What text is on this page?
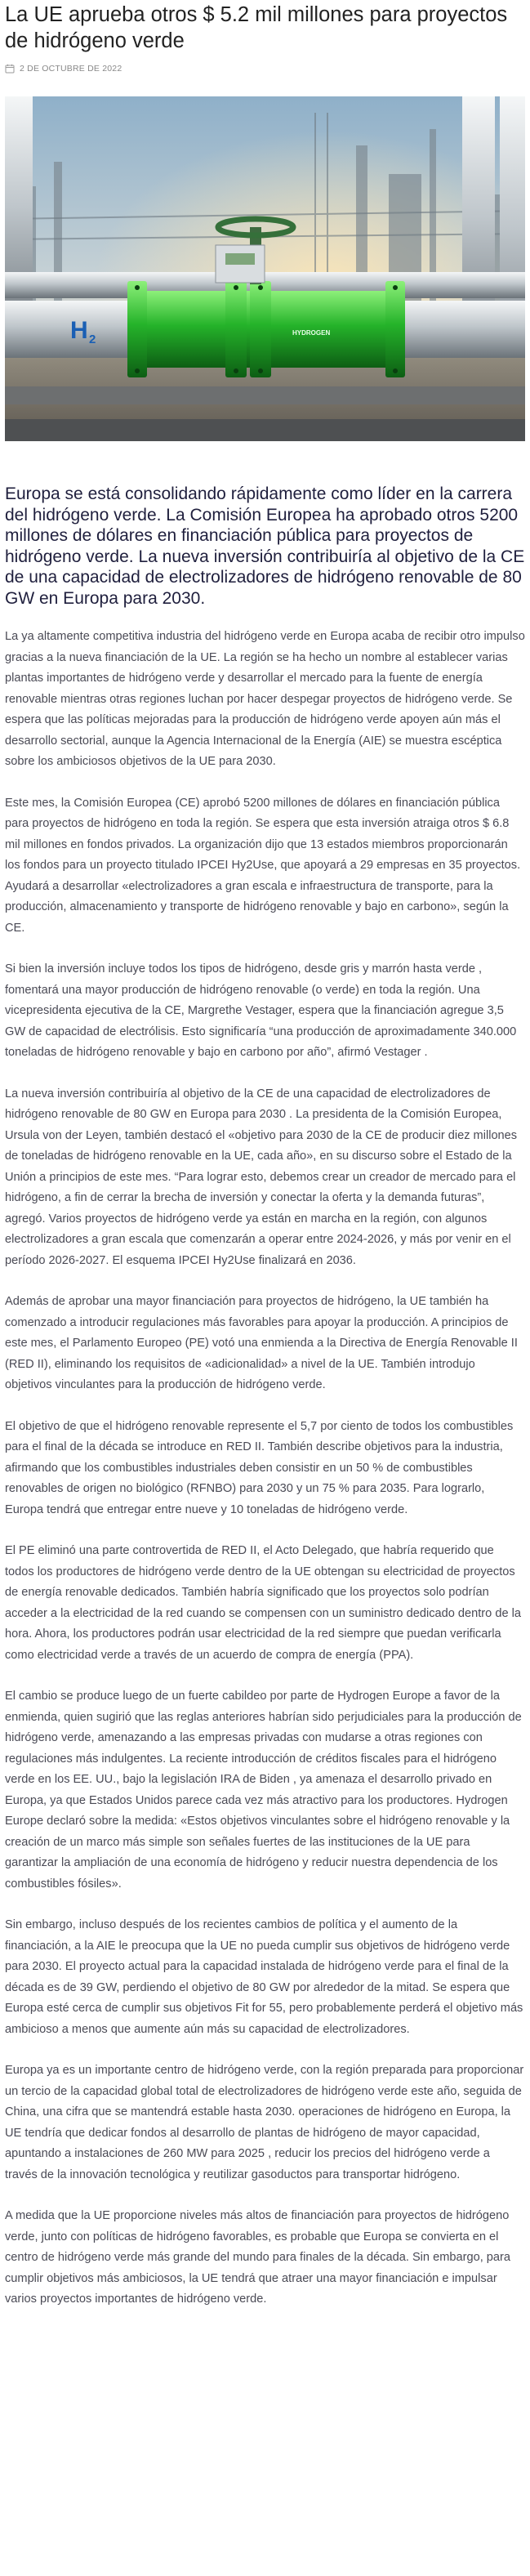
La UE aprueba otros $ 5.2 mil millones para proyectos de hidrógeno verde
2 DE OCTUBRE DE 2022
H 2	HYDROGEN

Europa se está consolidando rápidamente como líder en la carrera del hidrógeno verde. La Comisión Europea ha aprobado otros 5200 millones de dólares en financiación pública para proyectos de hidrógeno verde. La nueva inversión contribuiría al objetivo de la CE de una capacidad de electrolizadores de hidrógeno renovable de 80 GW en Europa para 2030.

La ya altamente competitiva industria del hidrógeno verde en Europa acaba de recibir otro impulso gracias a la nueva financiación de la UE. La región se ha hecho un nombre al establecer varias plantas importantes de hidrógeno verde y desarrollar el mercado para la fuente de energía renovable mientras otras regiones luchan por hacer despegar proyectos de hidrógeno verde. Se espera que las políticas mejoradas para la producción de hidrógeno verde apoyen aún más el desarrollo sectorial, aunque la Agencia Internacional de la Energía (AIE) se muestra escéptica sobre los ambiciosos objetivos de la UE para 2030.

Este mes, la Comisión Europea (CE) aprobó 5200 millones de dólares en financiación pública para proyectos de hidrógeno en toda la región. Se espera que esta inversión atraiga otros $ 6.8 mil millones en fondos privados. La organización dijo que 13 estados miembros proporcionarán los fondos para un proyecto titulado IPCEI Hy2Use, que apoyará a 29 empresas en 35 proyectos. Ayudará a desarrollar «electrolizadores a gran escala e infraestructura de transporte, para la producción, almacenamiento y transporte de hidrógeno renovable y bajo en carbono», según la CE.

Si bien la inversión incluye todos los tipos de hidrógeno, desde gris y marrón hasta verde , fomentará una mayor producción de hidrógeno renovable (o verde) en toda la región. Una vicepresidenta ejecutiva de la CE, Margrethe Vestager, espera que la financiación agregue 3,5 GW de capacidad de electrólisis. Esto significaría “una producción de aproximadamente 340.000 toneladas de hidrógeno renovable y bajo en carbono por año”, afirmó Vestager .

La nueva inversión contribuiría al objetivo de la CE de una capacidad de electrolizadores de hidrógeno renovable de 80 GW en Europa para 2030 . La presidenta de la Comisión Europea, Ursula von der Leyen, también destacó el «objetivo para 2030 de la CE de producir diez millones de toneladas de hidrógeno renovable en la UE, cada año», en su discurso sobre el Estado de la Unión a principios de este mes. “Para lograr esto, debemos crear un creador de mercado para el hidrógeno, a fin de cerrar la brecha de inversión y conectar la oferta y la demanda futuras”, agregó. Varios proyectos de hidrógeno verde ya están en marcha en la región, con algunos electrolizadores a gran escala que comenzarán a operar entre 2024-2026, y más por venir en el período 2026-2027. El esquema IPCEI Hy2Use finalizará en 2036.

Además de aprobar una mayor financiación para proyectos de hidrógeno, la UE también ha comenzado a introducir regulaciones más favorables para apoyar la producción. A principios de este mes, el Parlamento Europeo (PE) votó una enmienda a la Directiva de Energía Renovable II (RED II), eliminando los requisitos de «adicionalidad» a nivel de la UE. También introdujo objetivos vinculantes para la producción de hidrógeno verde.

El objetivo de que el hidrógeno renovable represente el 5,7 por ciento de todos los combustibles para el final de la década se introduce en RED II. También describe objetivos para la industria, afirmando que los combustibles industriales deben consistir en un 50 % de combustibles renovables de origen no biológico (RFNBO) para 2030 y un 75 % para 2035. Para lograrlo, Europa tendrá que entregar entre nueve y 10 toneladas de hidrógeno verde.

El PE eliminó una parte controvertida de RED II, el Acto Delegado, que habría requerido que todos los productores de hidrógeno verde dentro de la UE obtengan su electricidad de proyectos de energía renovable dedicados. También habría significado que los proyectos solo podrían acceder a la electricidad de la red cuando se compensen con un suministro dedicado dentro de la hora. Ahora, los productores podrán usar electricidad de la red siempre que puedan verificarla como electricidad verde a través de un acuerdo de compra de energía (PPA).

El cambio se produce luego de un fuerte cabildeo por parte de Hydrogen Europe a favor de la enmienda, quien sugirió que las reglas anteriores habrían sido perjudiciales para la producción de hidrógeno verde, amenazando a las empresas privadas con mudarse a otras regiones con regulaciones más indulgentes. La reciente introducción de créditos fiscales para el hidrógeno verde en los EE. UU., bajo la legislación IRA de Biden , ya amenaza el desarrollo privado en Europa, ya que Estados Unidos parece cada vez más atractivo para los productores. Hydrogen Europe declaró sobre la medida: «Estos objetivos vinculantes sobre el hidrógeno renovable y la creación de un marco más simple son señales fuertes de las instituciones de la UE para garantizar la ampliación de una economía de hidrógeno y reducir nuestra dependencia de los combustibles fósiles».

Sin embargo, incluso después de los recientes cambios de política y el aumento de la financiación, a la AIE le preocupa que la UE no pueda cumplir sus objetivos de hidrógeno verde para 2030. El proyecto actual para la capacidad instalada de hidrógeno verde para el final de la década es de 39 GW, perdiendo el objetivo de 80 GW por alrededor de la mitad. Se espera que Europa esté cerca de cumplir sus objetivos Fit for 55, pero probablemente perderá el objetivo más ambicioso a menos que aumente aún más su capacidad de electrolizadores.

Europa ya es un importante centro de hidrógeno verde, con la región preparada para proporcionar un tercio de la capacidad global total de electrolizadores de hidrógeno verde este año, seguida de China, una cifra que se mantendrá estable hasta 2030. operaciones de hidrógeno en Europa, la UE tendría que dedicar fondos al desarrollo de plantas de hidrógeno de mayor capacidad, apuntando a instalaciones de 260 MW para 2025 , reducir los precios del hidrógeno verde a través de la innovación tecnológica y reutilizar gasoductos para transportar hidrógeno.

A medida que la UE proporcione niveles más altos de financiación para proyectos de hidrógeno verde, junto con políticas de hidrógeno favorables, es probable que Europa se convierta en el centro de hidrógeno verde más grande del mundo para finales de la década. Sin embargo, para cumplir objetivos más ambiciosos, la UE tendrá que atraer una mayor financiación e impulsar varios proyectos importantes de hidrógeno verde.
